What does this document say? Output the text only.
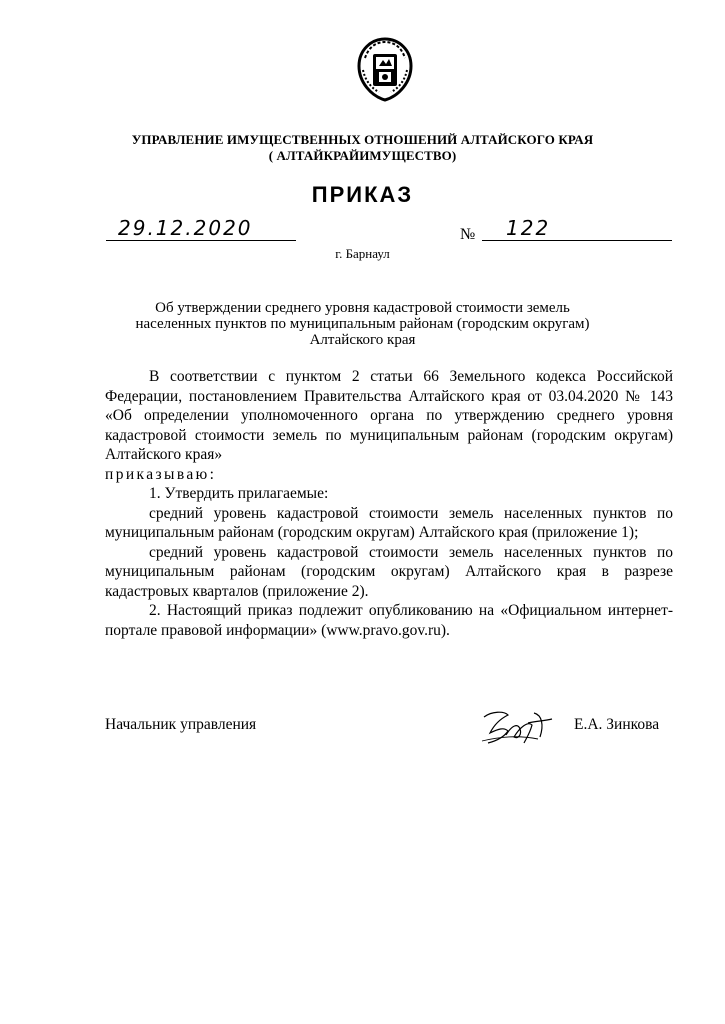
УПРАВЛЕНИЕ ИМУЩЕСТВЕННЫХ ОТНОШЕНИЙ АЛТАЙСКОГО КРАЯ
( АЛТАЙКРАЙИМУЩЕСТВО)
ПРИКАЗ
29.12.2020	№ 122
г. Барнаул
Об утверждении среднего уровня кадастровой стоимости земель
населенных пунктов по муниципальным районам (городским округам)
Алтайского края

В соответствии с пунктом 2 статьи 66 Земельного кодекса Российской Федерации, постановлением Правительства Алтайского края от 03.04.2020 № 143 «Об определении уполномоченного органа по утверждению среднего уровня кадастровой стоимости земель по муниципальным районам (городским округам) Алтайского края»

приказываю:

1. Утвердить прилагаемые:

средний уровень кадастровой стоимости земель населенных пунктов по муниципальным районам (городским округам) Алтайского края (приложение 1);

средний уровень кадастровой стоимости земель населенных пунктов по муниципальным районам (городским округам) Алтайского края в разрезе кадастровых кварталов (приложение 2).

2. Настоящий приказ подлежит опубликованию на «Официальном интернет-портале правовой информации» (www.pravo.gov.ru).

Начальник управления	Е.А. Зинкова
